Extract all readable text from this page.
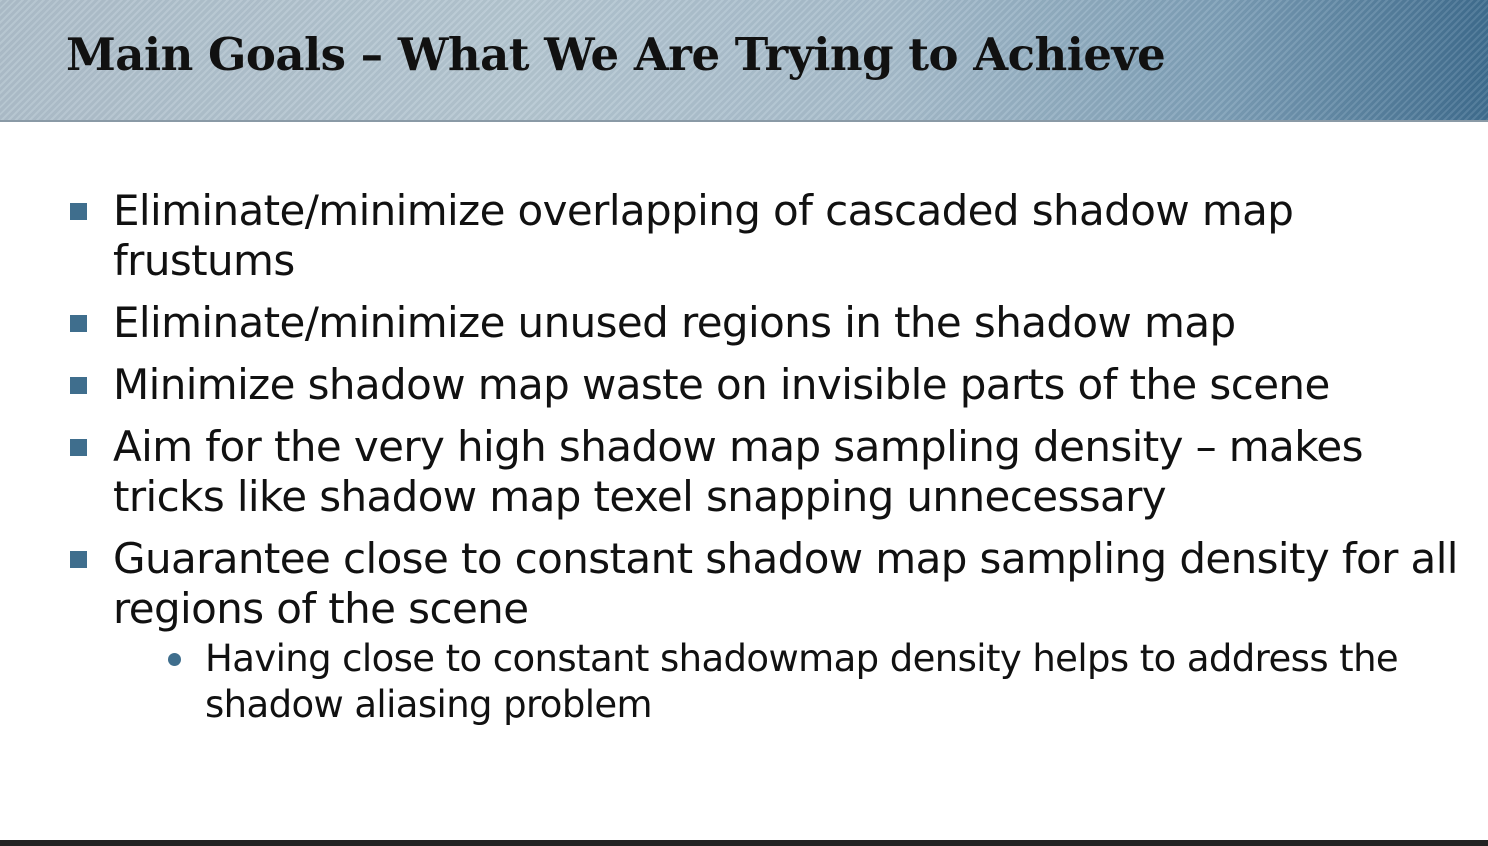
Main Goals – What We Are Trying to Achieve
Eliminate/minimize overlapping of cascaded shadow map frustums
Eliminate/minimize unused regions in the shadow map
Minimize shadow map waste on invisible parts of the scene
Aim for the very high shadow map sampling density – makes tricks like shadow map texel snapping unnecessary
Guarantee close to constant shadow map sampling density for all regions of the scene
Having close to constant shadowmap density helps to address the shadow aliasing problem
